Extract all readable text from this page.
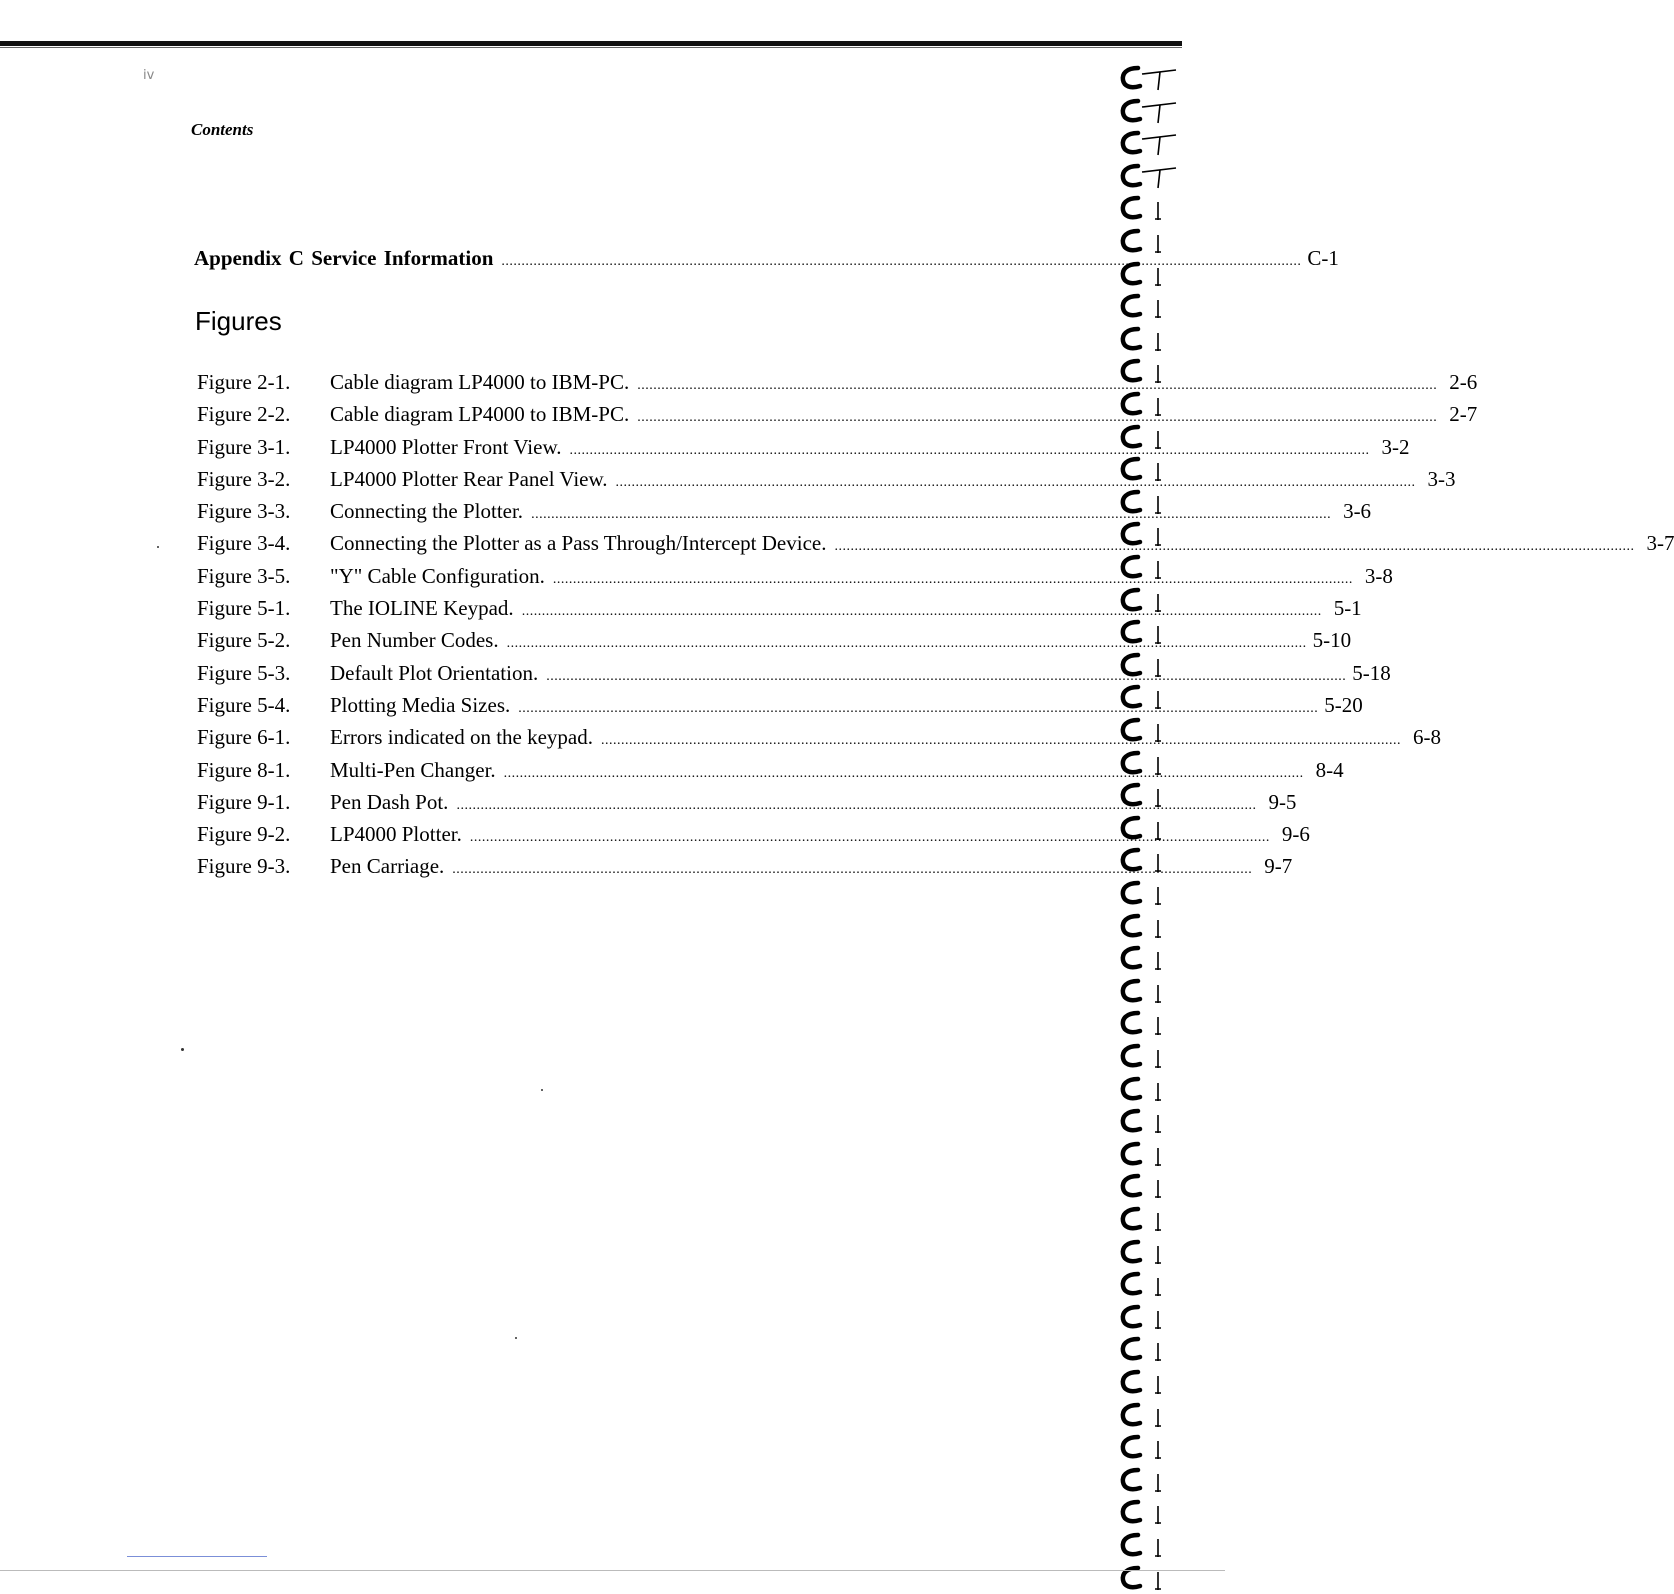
iv
Contents
Appendix C Service Information ........................................................................................................................................................................................................ C-1
Figures
Figure 2-1.	Cable diagram LP4000 to IBM-PC. ........................................................................................................................................................................................................ 2-6
Figure 2-2.	Cable diagram LP4000 to IBM-PC. ........................................................................................................................................................................................................ 2-7
Figure 3-1.	LP4000 Plotter Front View. ........................................................................................................................................................................................................ 3-2
Figure 3-2.	LP4000 Plotter Rear Panel View. ........................................................................................................................................................................................................ 3-3
Figure 3-3.	Connecting the Plotter. ........................................................................................................................................................................................................ 3-6
Figure 3-4.	Connecting the Plotter as a Pass Through/Intercept Device. ........................................................................................................................................................................................................ 3-7
Figure 3-5.	"Y" Cable Configuration. ........................................................................................................................................................................................................ 3-8
Figure 5-1.	The IOLINE Keypad. ........................................................................................................................................................................................................ 5-1
Figure 5-2.	Pen Number Codes. ........................................................................................................................................................................................................ 5-10
Figure 5-3.	Default Plot Orientation. ........................................................................................................................................................................................................ 5-18
Figure 5-4.	Plotting Media Sizes. ........................................................................................................................................................................................................ 5-20
Figure 6-1.	Errors indicated on the keypad. ........................................................................................................................................................................................................ 6-8
Figure 8-1.	Multi-Pen Changer. ........................................................................................................................................................................................................ 8-4
Figure 9-1.	Pen Dash Pot. ........................................................................................................................................................................................................ 9-5
Figure 9-2.	LP4000 Plotter. ........................................................................................................................................................................................................ 9-6
Figure 9-3.	Pen Carriage. ........................................................................................................................................................................................................ 9-7
